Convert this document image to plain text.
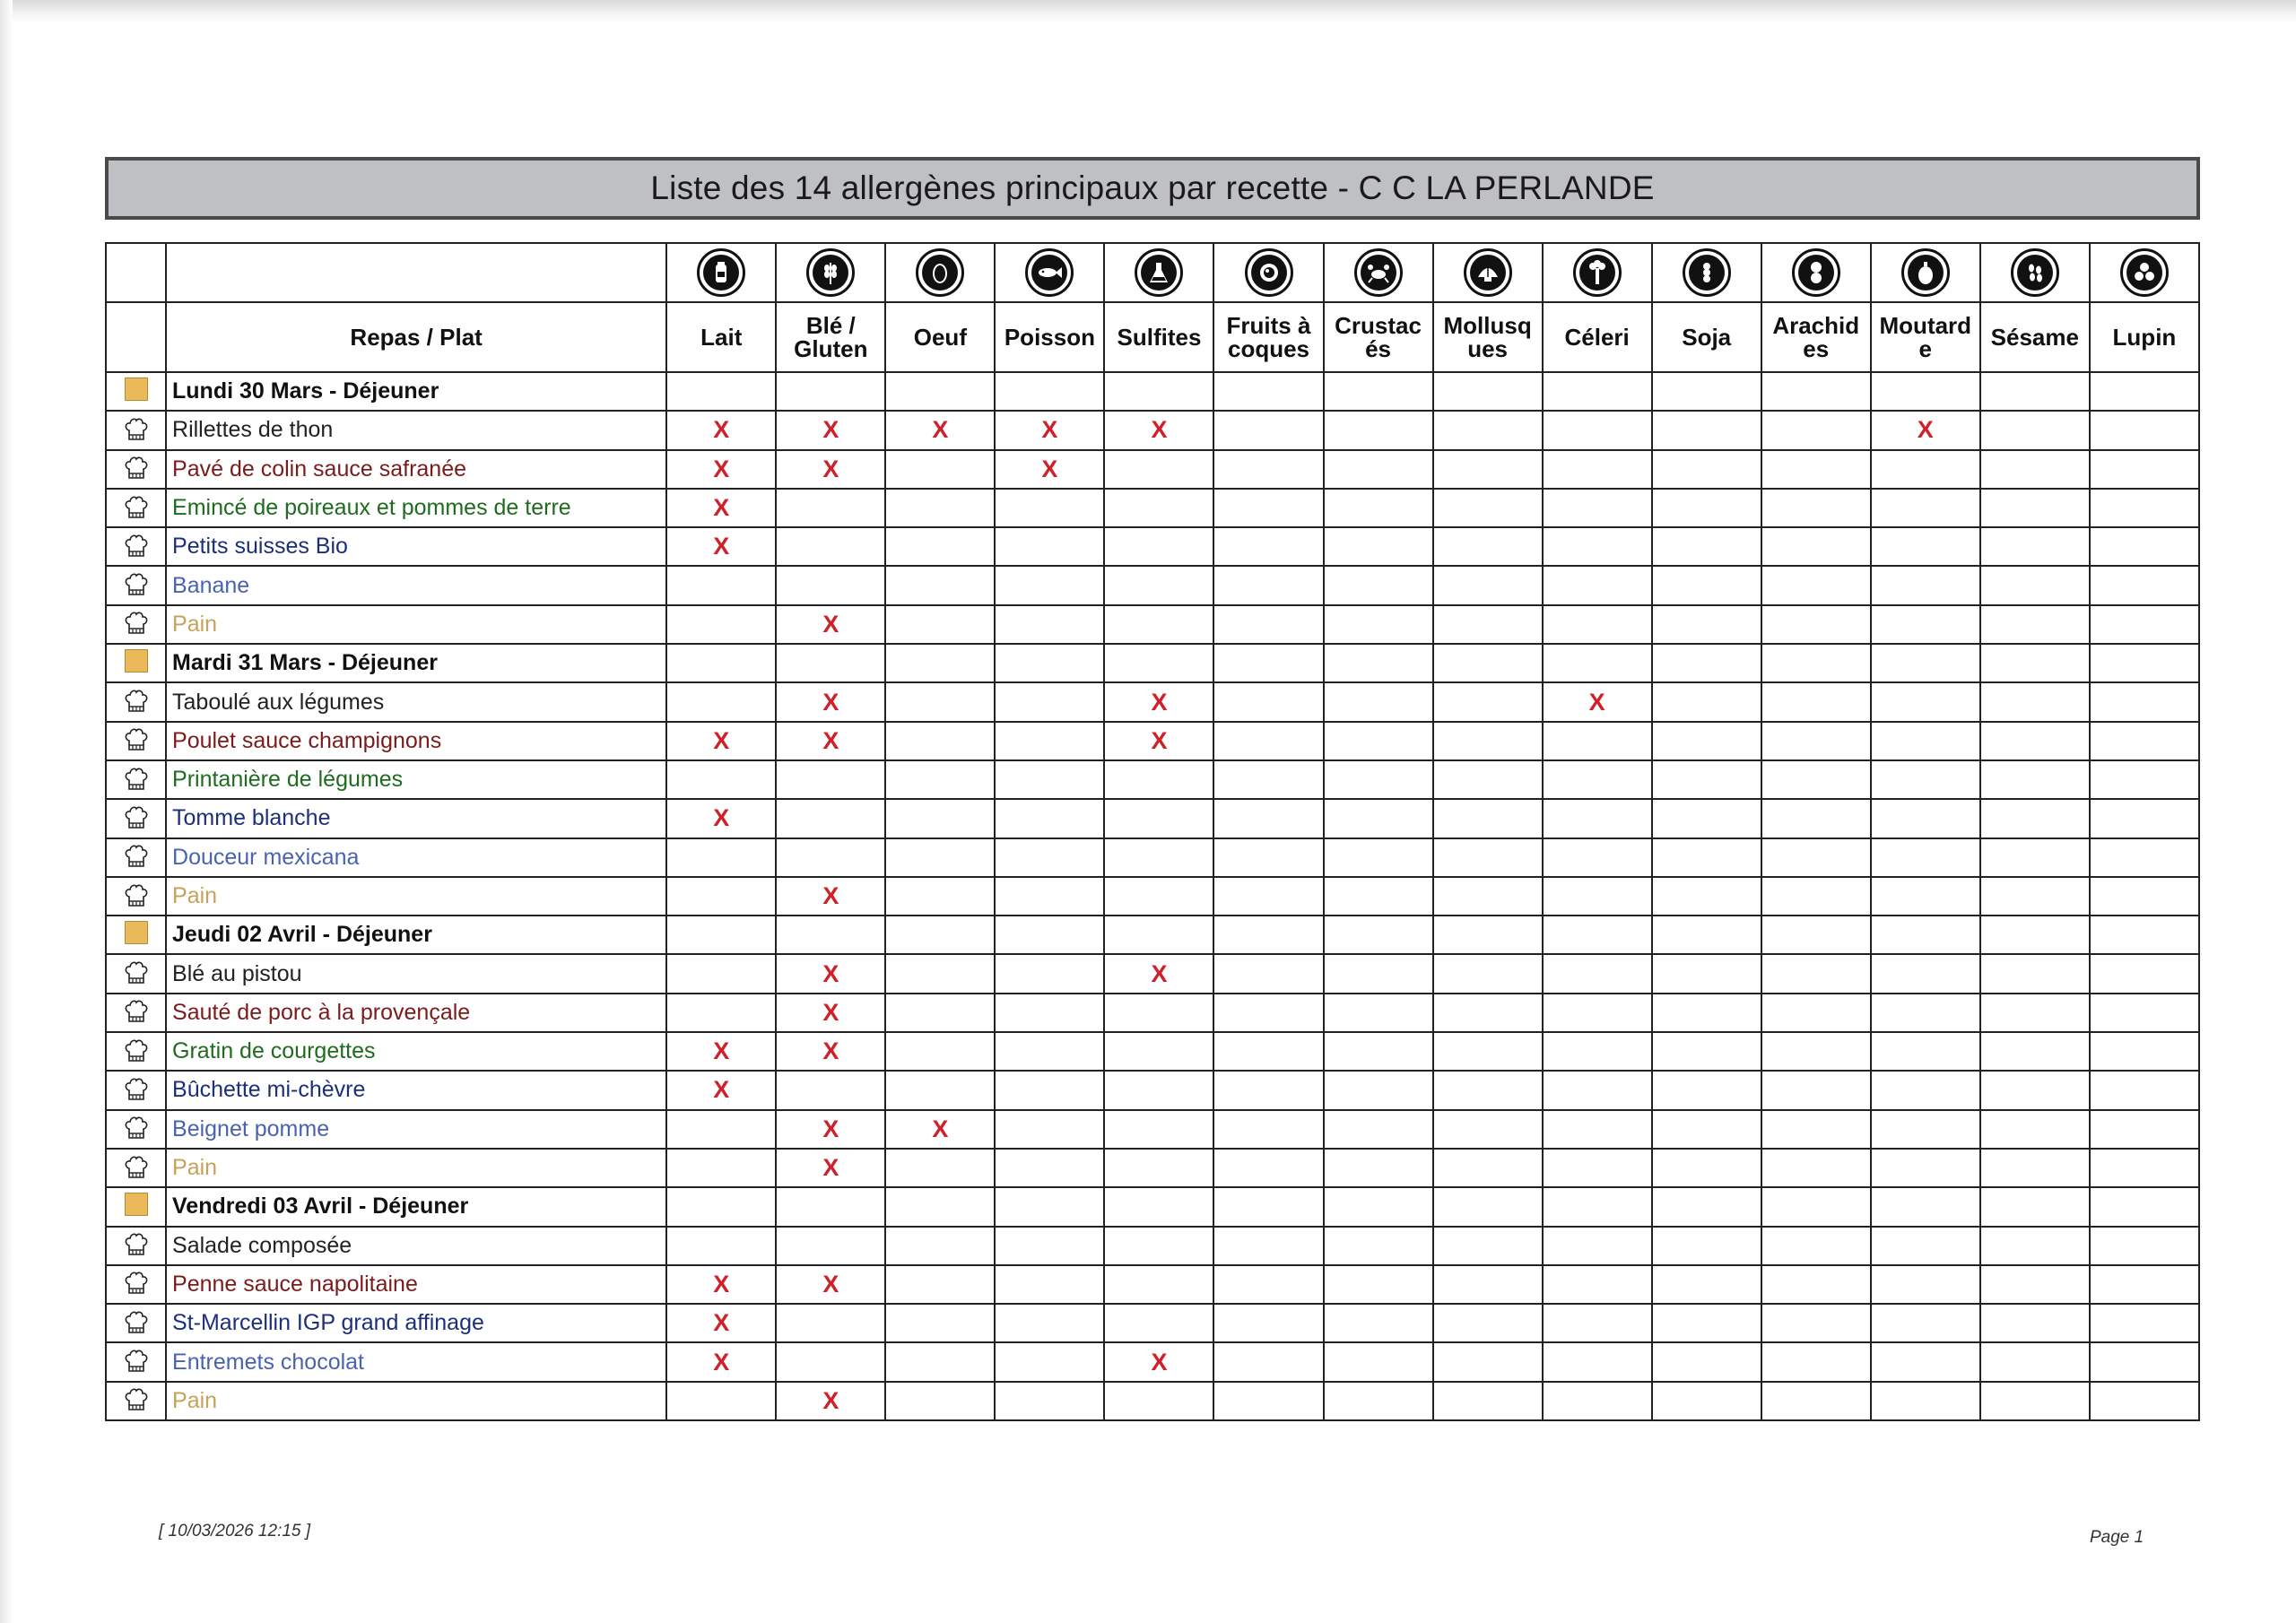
Liste des 14 allergènes principaux par recette - C C LA PERLANDE

	Repas / Plat	Lait	Blé / Gluten	Oeuf	Poisson	Sulfites	Fruits à coques	Crustac és	Mollusq ues	Céleri	Soja	Arachid es	Moutard e	Sésame	Lupin
	Lundi 30 Mars - Déjeuner														
	Rillettes de thon	X	X	X	X	X							X		
	Pavé de colin sauce safranée	X	X		X										
	Emincé de poireaux et pommes de terre	X													
	Petits suisses Bio	X													
	Banane														
	Pain		X												
	Mardi 31 Mars - Déjeuner														
	Taboulé aux légumes		X			X				X					
	Poulet sauce champignons	X	X			X									
	Printanière de légumes														
	Tomme blanche	X													
	Douceur mexicana														
	Pain		X												
	Jeudi 02 Avril - Déjeuner														
	Blé au pistou		X			X									
	Sauté de porc à la provençale		X												
	Gratin de courgettes	X	X												
	Bûchette mi-chèvre	X													
	Beignet pomme		X	X											
	Pain		X												
	Vendredi 03 Avril - Déjeuner														
	Salade composée														
	Penne sauce napolitaine	X	X												
	St-Marcellin IGP grand affinage	X													
	Entremets chocolat	X				X									
	Pain		X												
[ 10/03/2026 12:15 ]	Page 1
